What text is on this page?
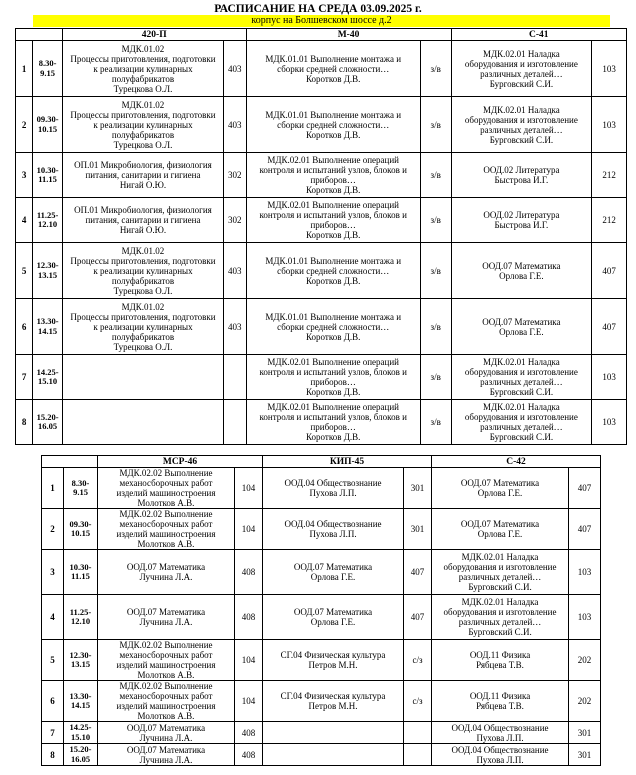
РАСПИСАНИЕ НА СРЕДА 03.09.2025 г.
корпус на Болшевском шоссе д.2
		420-П		М-40		С-41	
1	8.30-
9.15	МДК.01.02
Процессы приготовления, подготовки
к реализации кулинарных
полуфабрикатов
Турецкова О.Л.	403	МДК.01.01 Выполнение монтажа и
сборки средней сложности…
Коротков Д.В.	з/в	МДК.02.01 Наладка
оборудования и изготовление
различных деталей…
Бурговский С.И.	103
2	09.30-
10.15	МДК.01.02
Процессы приготовления, подготовки
к реализации кулинарных
полуфабрикатов
Турецкова О.Л.	403	МДК.01.01 Выполнение монтажа и
сборки средней сложности…
Коротков Д.В.	з/в	МДК.02.01 Наладка
оборудования и изготовление
различных деталей…
Бурговский С.И.	103
3	10.30-
11.15	ОП.01 Микробиология, физиология
питания, санитарии и гигиена
Нигай О.Ю.	302	МДК.02.01 Выполнение операций
контроля и испытаний узлов, блоков и
приборов…
Коротков Д.В.	з/в	ООД.02 Литература
Быстрова И.Г.	212
4	11.25-
12.10	ОП.01 Микробиология, физиология
питания, санитарии и гигиена
Нигай О.Ю.	302	МДК.02.01 Выполнение операций
контроля и испытаний узлов, блоков и
приборов…
Коротков Д.В.	з/в	ООД.02 Литература
Быстрова И.Г.	212
5	12.30-
13.15	МДК.01.02
Процессы приготовления, подготовки
к реализации кулинарных
полуфабрикатов
Турецкова О.Л.	403	МДК.01.01 Выполнение монтажа и
сборки средней сложности…
Коротков Д.В.	з/в	ООД.07 Математика
Орлова Г.Е.	407
6	13.30-
14.15	МДК.01.02
Процессы приготовления, подготовки
к реализации кулинарных
полуфабрикатов
Турецкова О.Л.	403	МДК.01.01 Выполнение монтажа и
сборки средней сложности…
Коротков Д.В.	з/в	ООД.07 Математика
Орлова Г.Е.	407
7	14.25-
15.10			МДК.02.01 Выполнение операций
контроля и испытаний узлов, блоков и
приборов…
Коротков Д.В.	з/в	МДК.02.01 Наладка
оборудования и изготовление
различных деталей…
Бурговский С.И.	103
8	15.20-
16.05			МДК.02.01 Выполнение операций
контроля и испытаний узлов, блоков и
приборов…
Коротков Д.В.	з/в	МДК.02.01 Наладка
оборудования и изготовление
различных деталей…
Бурговский С.И.	103
		МСР-46		КИП-45		С-42	
1	8.30-
9.15	МДК.02.02 Выполнение
механосборочных работ
изделий машиностроения
Молотков А.В.	104	ООД.04 Обществознание
Пухова Л.П.	301	ООД.07 Математика
Орлова Г.Е.	407
2	09.30-
10.15	МДК.02.02 Выполнение
механосборочных работ
изделий машиностроения
Молотков А.В.	104	ООД.04 Обществознание
Пухова Л.П.	301	ООД.07 Математика
Орлова Г.Е.	407
3	10.30-
11.15	ООД.07 Математика
Лучнина Л.А.	408	ООД.07 Математика
Орлова Г.Е.	407	МДК.02.01 Наладка
оборудования и изготовление
различных деталей…
Бурговский С.И.	103
4	11.25-
12.10	ООД.07 Математика
Лучнина Л.А.	408	ООД.07 Математика
Орлова Г.Е.	407	МДК.02.01 Наладка
оборудования и изготовление
различных деталей…
Бурговский С.И.	103
5	12.30-
13.15	МДК.02.02 Выполнение
механосборочных работ
изделий машиностроения
Молотков А.В.	104	СГ.04 Физическая культура
Петров М.Н.	с/з	ООД.11 Физика
Рябцева Т.В.	202
6	13.30-
14.15	МДК.02.02 Выполнение
механосборочных работ
изделий машиностроения
Молотков А.В.	104	СГ.04 Физическая культура
Петров М.Н.	с/з	ООД.11 Физика
Рябцева Т.В.	202
7	14.25-
15.10	ООД.07 Математика
Лучнина Л.А.	408			ООД.04 Обществознание
Пухова Л.П.	301
8	15.20-
16.05	ООД.07 Математика
Лучнина Л.А.	408			ООД.04 Обществознание
Пухова Л.П.	301
